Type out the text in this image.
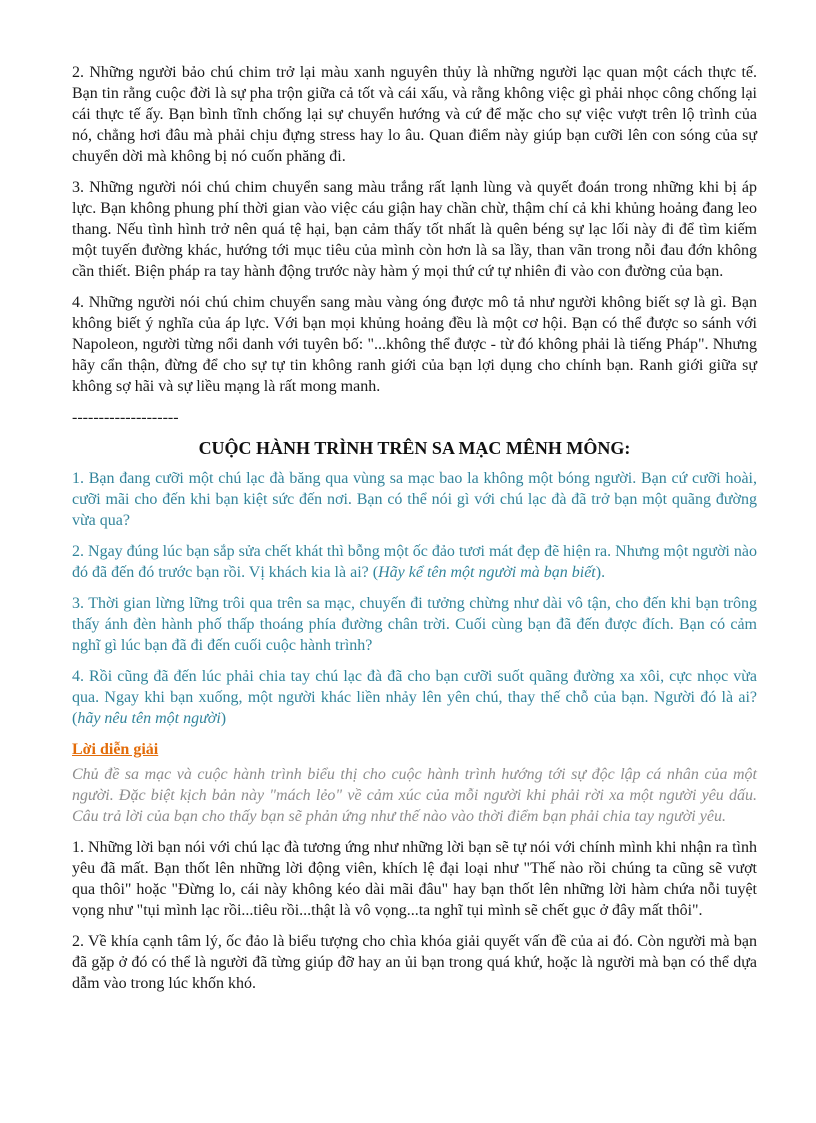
2. Những người bảo chú chim trở lại màu xanh nguyên thủy là những người lạc quan một cách thực tế. Bạn tin rằng cuộc đời là sự pha trộn giữa cả tốt và cái xấu, và rằng không việc gì phải nhọc công chống lại cái thực tế ấy. Bạn bình tĩnh chống lại sự chuyển hướng và cứ để mặc cho sự việc vượt trên lộ trình của nó, chẳng hơi đâu mà phải chịu đựng stress hay lo âu. Quan điểm này giúp bạn cưỡi lên con sóng của sự chuyển dời mà không bị nó cuốn phăng đi.

3. Những người nói chú chim chuyển sang màu trắng rất lạnh lùng và quyết đoán trong những khi bị áp lực. Bạn không phung phí thời gian vào việc cáu giận hay chần chừ, thậm chí cả khi khủng hoảng đang leo thang. Nếu tình hình trở nên quá tệ hại, bạn cảm thấy tốt nhất là quên béng sự lạc lối này đi để tìm kiếm một tuyến đường khác, hướng tới mục tiêu của mình còn hơn là sa lầy, than vãn trong nỗi đau đớn không cần thiết. Biện pháp ra tay hành động trước này hàm ý mọi thứ cứ tự nhiên đi vào con đường của bạn.

4. Những người nói chú chim chuyển sang màu vàng óng được mô tả như người không biết sợ là gì. Bạn không biết ý nghĩa của áp lực. Với bạn mọi khủng hoảng đều là một cơ hội. Bạn có thể được so sánh với Napoleon, người từng nổi danh với tuyên bố: "...không thể được - từ đó không phải là tiếng Pháp". Nhưng hãy cẩn thận, đừng để cho sự tự tin không ranh giới của bạn lợi dụng cho chính bạn. Ranh giới giữa sự không sợ hãi và sự liều mạng là rất mong manh.

--------------------
CUỘC HÀNH TRÌNH TRÊN SA MẠC MÊNH MÔNG:

1. Bạn đang cưỡi một chú lạc đà băng qua vùng sa mạc bao la không một bóng người. Bạn cứ cưỡi hoài, cưỡi mãi cho đến khi bạn kiệt sức đến nơi. Bạn có thể nói gì với chú lạc đà đã trở bạn một quãng đường vừa qua?

2. Ngay đúng lúc bạn sắp sửa chết khát thì bỗng một ốc đảo tươi mát đẹp đẽ hiện ra. Nhưng một người nào đó đã đến đó trước bạn rồi. Vị khách kia là ai? (Hãy kể tên một người mà bạn biết).

3. Thời gian lừng lững trôi qua trên sa mạc, chuyến đi tưởng chừng như dài vô tận, cho đến khi bạn trông thấy ánh đèn hành phố thấp thoáng phía đường chân trời. Cuối cùng bạn đã đến được đích. Bạn có cảm nghĩ gì lúc bạn đã đi đến cuối cuộc hành trình?

4. Rồi cũng đã đến lúc phải chia tay chú lạc đà đã cho bạn cưỡi suốt quãng đường xa xôi, cực nhọc vừa qua. Ngay khi bạn xuống, một người khác liền nhảy lên yên chú, thay thế chỗ của bạn. Người đó là ai? (hãy nêu tên một người)

Lời diễn giải

Chủ đề sa mạc và cuộc hành trình biểu thị cho cuộc hành trình hướng tới sự độc lập cá nhân của một người. Đặc biệt kịch bản này "mách lẻo" về cảm xúc của mỗi người khi phải rời xa một người yêu dấu. Câu trả lời của bạn cho thấy bạn sẽ phản ứng như thế nào vào thời điểm bạn phải chia tay người yêu.

1. Những lời bạn nói với chú lạc đà tương ứng như những lời bạn sẽ tự nói với chính mình khi nhận ra tình yêu đã mất. Bạn thốt lên những lời động viên, khích lệ đại loại như "Thế nào rồi chúng ta cũng sẽ vượt qua thôi" hoặc "Đừng lo, cái này không kéo dài mãi đâu" hay bạn thốt lên những lời hàm chứa nỗi tuyệt vọng như "tụi mình lạc rồi...tiêu rồi...thật là vô vọng...ta nghĩ tụi mình sẽ chết gục ở đây mất thôi".

2. Về khía cạnh tâm lý, ốc đảo là biểu tượng cho chìa khóa giải quyết vấn đề của ai đó. Còn người mà bạn đã gặp ở đó có thể là người đã từng giúp đỡ hay an ủi bạn trong quá khứ, hoặc là người mà bạn có thể dựa dẫm vào trong lúc khốn khó.
